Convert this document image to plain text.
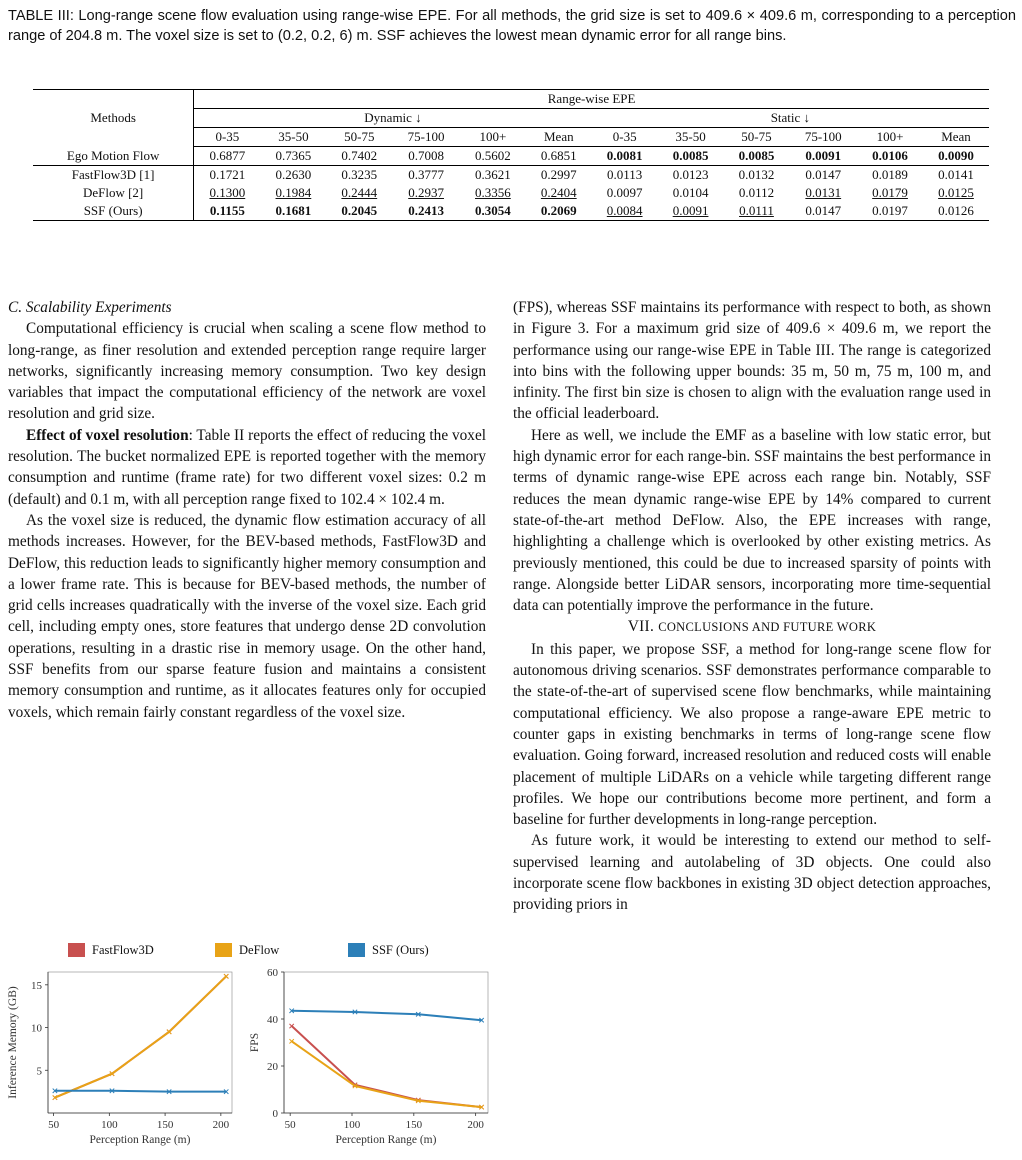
TABLE III: Long-range scene flow evaluation using range-wise EPE. For all methods, the grid size is set to 409.6 × 409.6 m, corresponding to a perception range of 204.8 m. The voxel size is set to (0.2, 0.2, 6) m. SSF achieves the lowest mean dynamic error for all range bins.

Methods	Range-wise EPE											
	Dynamic ↓						Static ↓					
	0-35	35-50	50-75	75-100	100+	Mean	0-35	35-50	50-75	75-100	100+	Mean
Ego Motion Flow	0.6877	0.7365	0.7402	0.7008	0.5602	0.6851	0.0081	0.0085	0.0085	0.0091	0.0106	0.0090
FastFlow3D [1]	0.1721	0.2630	0.3235	0.3777	0.3621	0.2997	0.0113	0.0123	0.0132	0.0147	0.0189	0.0141
DeFlow [2]	0.1300	0.1984	0.2444	0.2937	0.3356	0.2404	0.0097	0.0104	0.0112	0.0131	0.0179	0.0125
SSF (Ours)	0.1155	0.1681	0.2045	0.2413	0.3054	0.2069	0.0084	0.0091	0.0111	0.0147	0.0197	0.0126

C. Scalability Experiments

Computational efficiency is crucial when scaling a scene flow method to long-range, as finer resolution and extended perception range require larger networks, significantly increasing memory consumption. Two key design variables that impact the computational efficiency of the network are voxel resolution and grid size.

Effect of voxel resolution: Table II reports the effect of reducing the voxel resolution. The bucket normalized EPE is reported together with the memory consumption and runtime (frame rate) for two different voxel sizes: 0.2 m (default) and 0.1 m, with all perception range fixed to 102.4 × 102.4 m.

As the voxel size is reduced, the dynamic flow estimation accuracy of all methods increases. However, for the BEV-based methods, FastFlow3D and DeFlow, this reduction leads to significantly higher memory consumption and a lower frame rate. This is because for BEV-based methods, the number of grid cells increases quadratically with the inverse of the voxel size. Each grid cell, including empty ones, store features that undergo dense 2D convolution operations, resulting in a drastic rise in memory usage. On the other hand, SSF benefits from our sparse feature fusion and maintains a consistent memory consumption and runtime, as it allocates features only for occupied voxels, which remain fairly constant regardless of the voxel size.

FastFlow3D	DeFlow	SSF (Ours)
50	100	150	200
5
10
15
Perception Range (m)
Inference Memory (GB)
50	100	150	200
0
20
40
60
Perception Range (m)
FPS

(FPS), whereas SSF maintains its performance with respect to both, as shown in Figure 3. For a maximum grid size of 409.6 × 409.6 m, we report the performance using our range-wise EPE in Table III. The range is categorized into bins with the following upper bounds: 35 m, 50 m, 75 m, 100 m, and infinity. The first bin size is chosen to align with the evaluation range used in the official leaderboard.

Here as well, we include the EMF as a baseline with low static error, but high dynamic error for each range-bin. SSF maintains the best performance in terms of dynamic range-wise EPE across each range bin. Notably, SSF reduces the mean dynamic range-wise EPE by 14% compared to current state-of-the-art method DeFlow. Also, the EPE increases with range, highlighting a challenge which is overlooked by other existing metrics. As previously mentioned, this could be due to increased sparsity of points with range. Alongside better LiDAR sensors, incorporating more time-sequential data can potentially improve the performance in the future.

VII. CONCLUSIONS AND FUTURE WORK

In this paper, we propose SSF, a method for long-range scene flow for autonomous driving scenarios. SSF demonstrates performance comparable to the state-of-the-art of supervised scene flow benchmarks, while maintaining computational efficiency. We also propose a range-aware EPE metric to counter gaps in existing benchmarks in terms of long-range scene flow evaluation. Going forward, increased resolution and reduced costs will enable placement of multiple LiDARs on a vehicle while targeting different range profiles. We hope our contributions become more pertinent, and form a baseline for further developments in long-range perception.

As future work, it would be interesting to extend our method to self-supervised learning and autolabeling of 3D objects. One could also incorporate scene flow backbones in existing 3D object detection approaches, providing priors in
